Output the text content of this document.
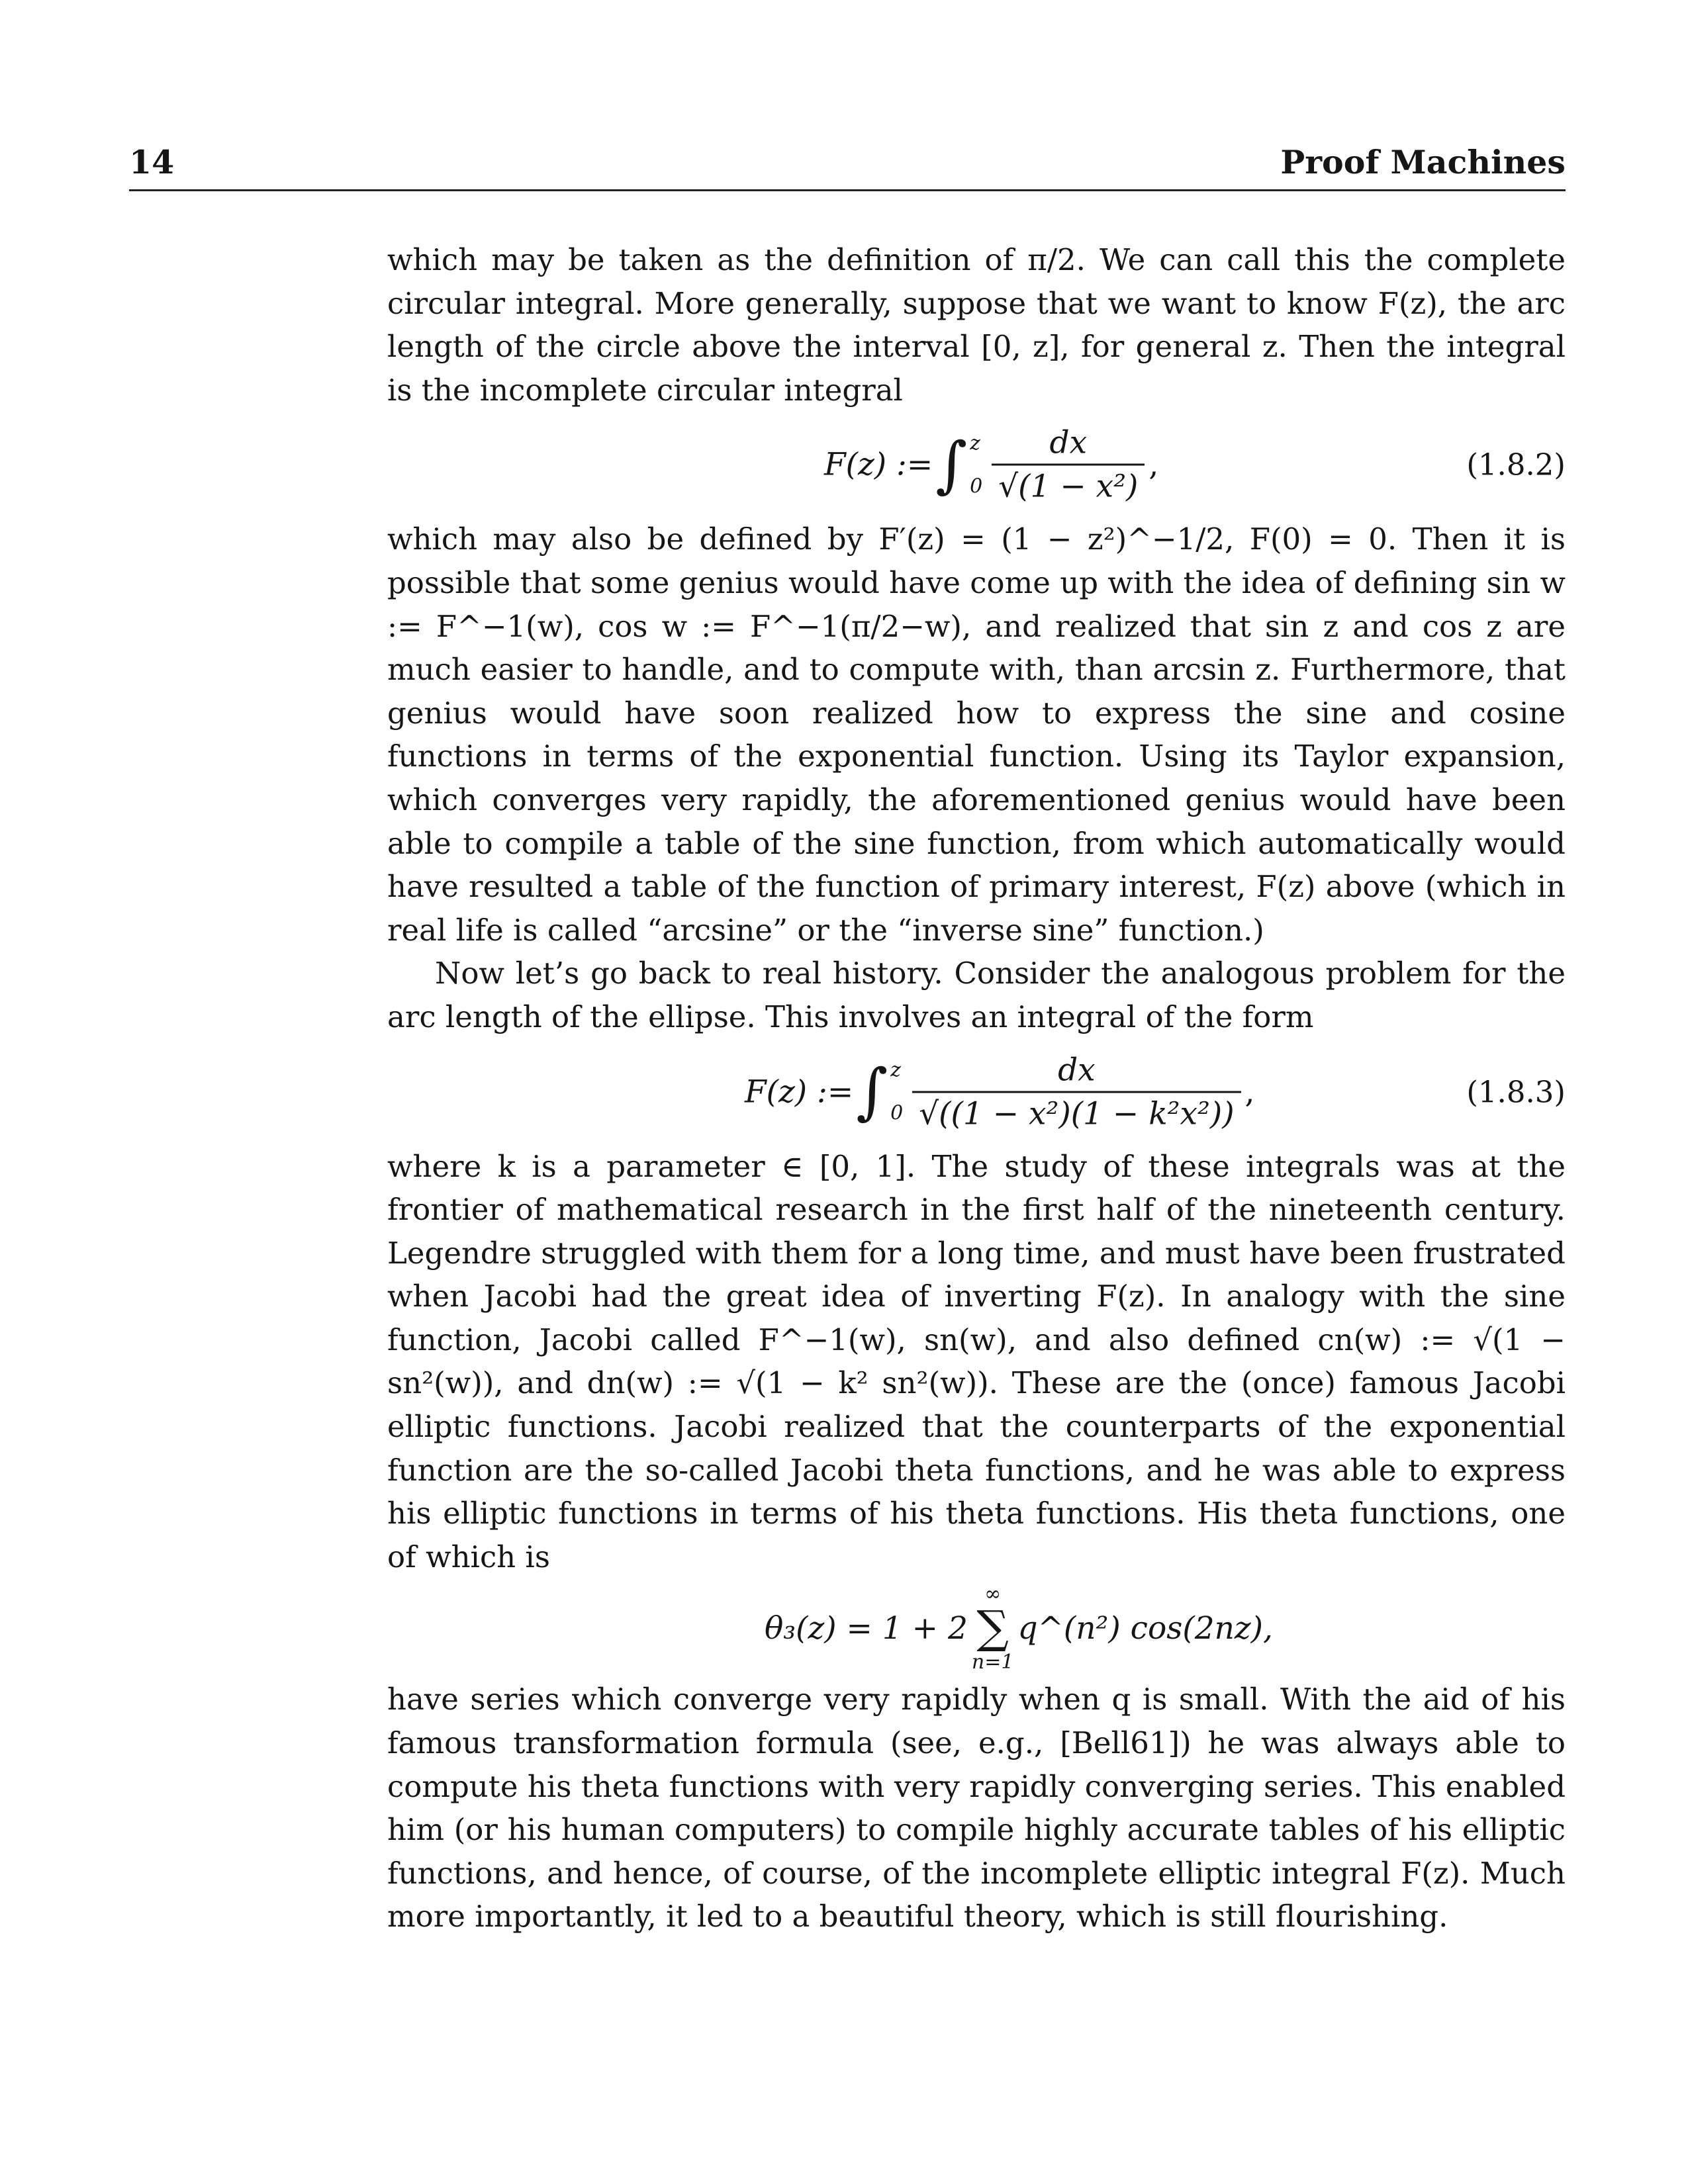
14	Proof Machines

which may be taken as the definition of π/2. We can call this the complete circular integral. More generally, suppose that we want to know F(z), the arc length of the circle above the interval [0, z], for general z. Then the integral is the incomplete circular integral

F(z) := ∫ z
$0 \frac{dx}{\text{√(1 − x²)}}$ ,	(1.8.2)

which may also be defined by F′(z) = (1 − z²)^−1/2, F(0) = 0. Then it is possible that some genius would have come up with the idea of defining sin w := F^−1(w), cos w := F^−1(π/2−w), and realized that sin z and cos z are much easier to handle, and to compute with, than arcsin z. Furthermore, that genius would have soon realized how to express the sine and cosine functions in terms of the exponential function. Using its Taylor expansion, which converges very rapidly, the aforementioned genius would have been able to compile a table of the sine function, from which automatically would have resulted a table of the function of primary interest, F(z) above (which in real life is called “arcsine” or the “inverse sine” function.)

Now let’s go back to real history. Consider the analogous problem for the arc length of the ellipse. This involves an integral of the form

F(z) := ∫ z
$0 \frac{dx}{\text{√((1 − x²)(1 − k²x²))}}$ ,	(1.8.3)

where k is a parameter ∈ [0, 1]. The study of these integrals was at the frontier of mathematical research in the first half of the nineteenth century. Legendre struggled with them for a long time, and must have been frustrated when Jacobi had the great idea of inverting F(z). In analogy with the sine function, Jacobi called F^−1(w), sn(w), and also defined cn(w) := √(1 − sn²(w)), and dn(w) := √(1 − k² sn²(w)). These are the (once) famous Jacobi elliptic functions. Jacobi realized that the counterparts of the exponential function are the so-called Jacobi theta functions, and he was able to express his elliptic functions in terms of his theta functions. His theta functions, one of which is

θ₃(z) = 1 + 2
∞
∑
n=1
q^(n²) cos(2nz),

have series which converge very rapidly when q is small. With the aid of his famous transformation formula (see, e.g., [Bell61]) he was always able to compute his theta functions with very rapidly converging series. This enabled him (or his human computers) to compile highly accurate tables of his elliptic functions, and hence, of course, of the incomplete elliptic integral F(z). Much more importantly, it led to a beautiful theory, which is still flourishing.
